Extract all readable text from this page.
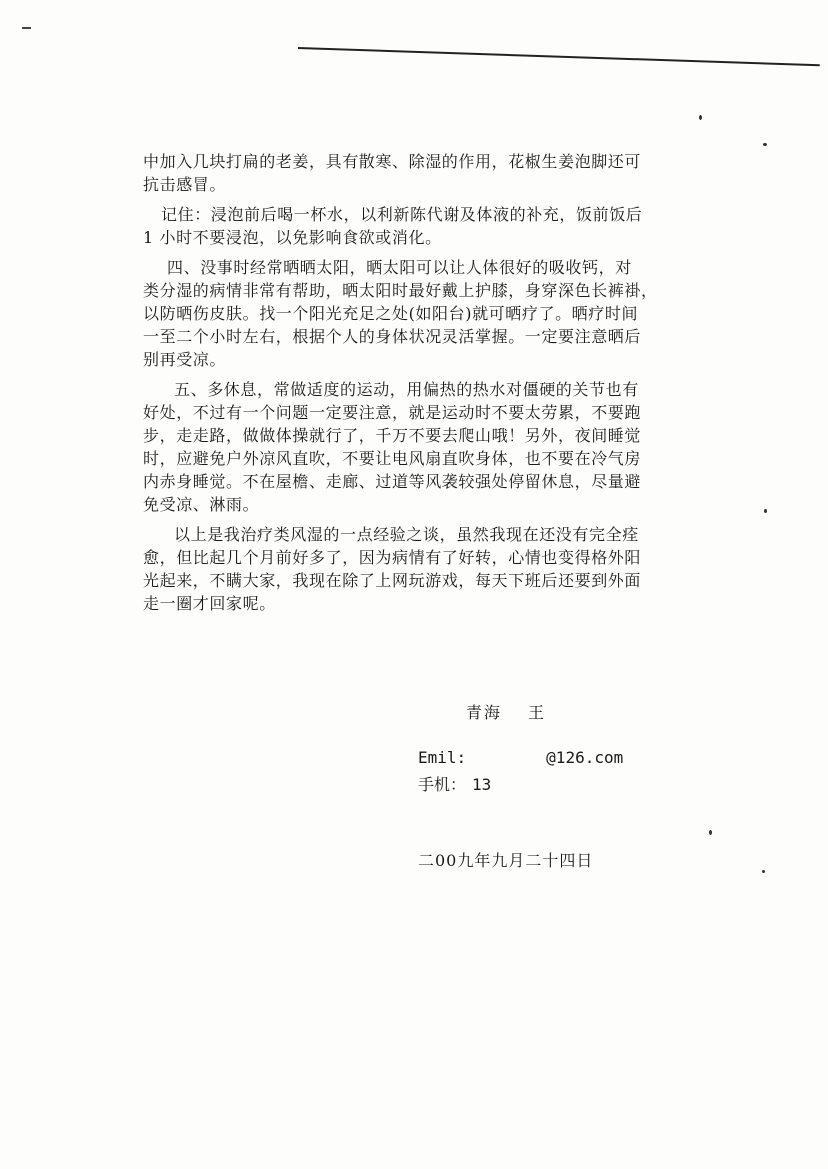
中加入几块打扁的老姜，具有散寒、除湿的作用，花椒生姜泡脚还可
抗击感冒。
记住：浸泡前后喝一杯水，以利新陈代谢及体液的补充，饭前饭后
1 小时不要浸泡，以免影响食欲或消化。
四、没事时经常晒晒太阳，晒太阳可以让人体很好的吸收钙，对
类分湿的病情非常有帮助，晒太阳时最好戴上护膝，身穿深色长裤褂，
以防晒伤皮肤。找一个阳光充足之处(如阳台)就可晒疗了。晒疗时间
一至二个小时左右，根据个人的身体状况灵活掌握。一定要注意晒后
别再受凉。
五、多休息，常做适度的运动，用偏热的热水对僵硬的关节也有
好处，不过有一个问题一定要注意，就是运动时不要太劳累，不要跑
步，走走路，做做体操就行了，千万不要去爬山哦！另外，夜间睡觉
时，应避免户外凉风直吹，不要让电风扇直吹身体，也不要在冷气房
内赤身睡觉。不在屋檐、走廊、过道等风袭较强处停留休息，尽量避
免受凉、淋雨。
以上是我治疗类风湿的一点经验之谈，虽然我现在还没有完全痊
愈，但比起几个月前好多了，因为病情有了好转，心情也变得格外阳
光起来，不瞒大家，我现在除了上网玩游戏，每天下班后还要到外面
走一圈才回家呢。
青海 王
Emil:	@126.com
手机： 13
二00九年九月二十四日
